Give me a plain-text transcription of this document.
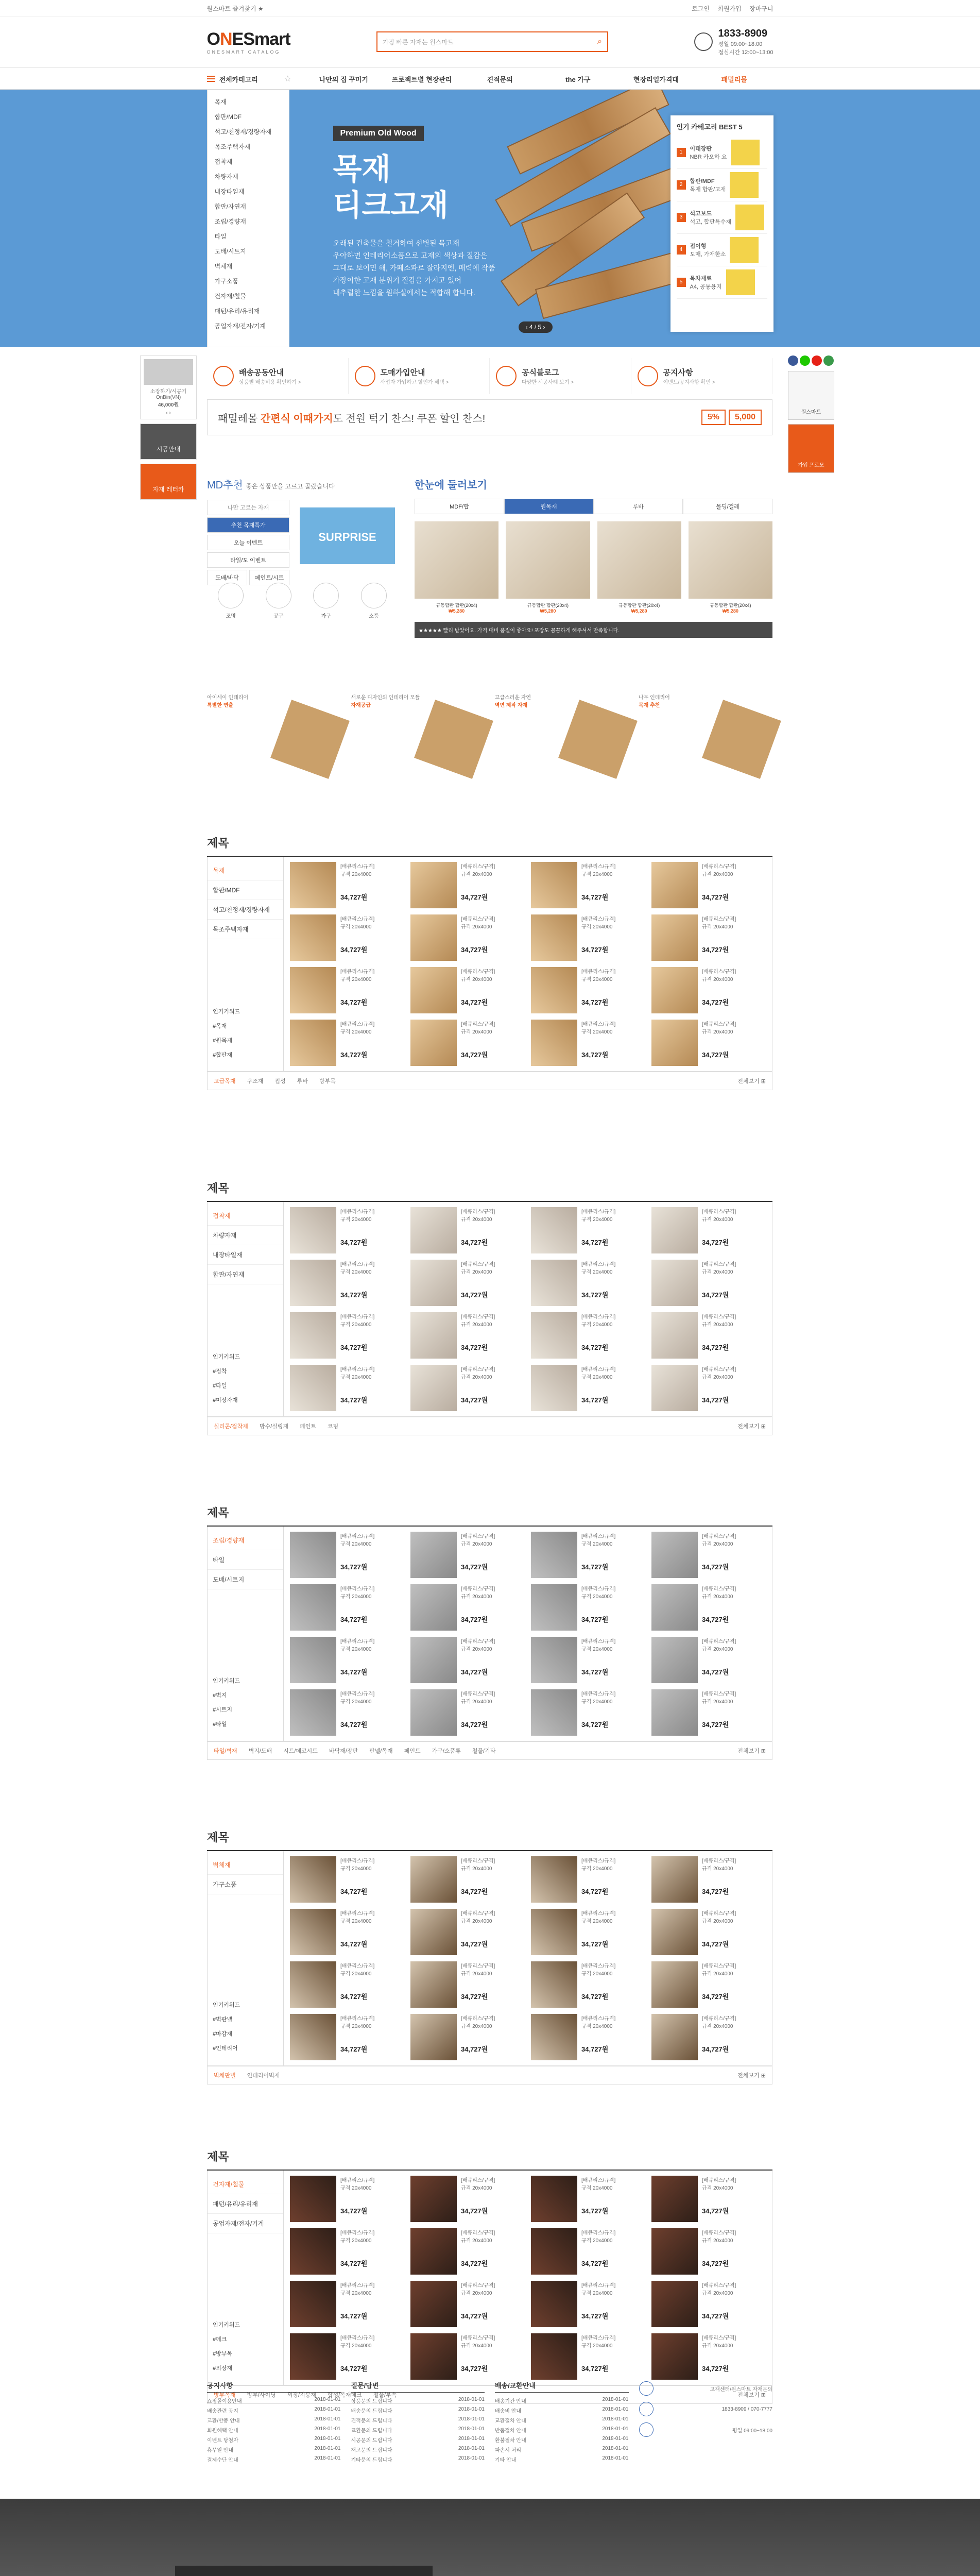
원스마트 즐겨찾기 ★	로그인 회원가입 장바구니
ONESmart
ONESMART CATALOG
가장 빠른 자재는 원스마트	⌕
1833-8909
평일 09:00~18:00
점심시간 12:00~13:00
전체카테고리	☆	나만의 집 꾸미기	프로젝트별 현장관리	견적문의	the 가구	현장리얼가격대	패밀리몰
목재
합판/MDF
석고/천정재/경량자재
목조주택자재
접착제
차량자재
내장타일재
합판/자연재
조립/경량재
타일
도배/시트지
벽체재
가구소품
건자재/철물
패턴/유리/유리재
공업자재/전자/기계
Premium Old Wood
목재
티크고재

오래된 건축물을 철거하여 선별된 목고재
우아하면 인테리어소품으로 고재의 색상과 질감은
그대로 보이면 해, 카페소파로 잘라지엔, 매력에 작품
가장이한 고재 분위기 질감을 가지고 있어
내추럴한 느낌을 원하실에서는 적합해 합니다.

‹ 4 / 5 ›
인기 카테고리 BEST 5
1
이태장판
NBR 카오하 요
2
합판/MDF
목재 합판/고재
3
석고보드
석고, 합판특수재
4
접이형
도매, 가재한소
5
목차재료
A4, 공통용지
소장하기/시공기
OnBin(VN)
46,000원
‹ ›
시공안내
자재 레터카
원스마트
가입 프로모
배송공동안내
상품별 배송비용 확인하기 >
도매가입안내
사업자 가입하고 할인가 혜택 >
공식블로그
다양한 시공사례 보기 >
공지사항
이벤트/공지사항 확인 >
패밀레몰 간편식 이때가지도 전원 턱기 찬스! 쿠폰 할인 찬스!	5%	5,000
MD추천 좋은 상품만을 고르고 골랐습니다
나만 고르는 자재
추천 목재특가
오늘 이벤트
타일/도 이벤트
도배/바닥	페인트/시트
SURPRISE
조명	공구	가구	소품
한눈에 둘러보기
MDF/합	원목재	루바	몰딩/걸레
규동합판 합판(20x4)
₩5,280
규동합판 합판(20x4)
₩5,280
규동합판 합판(20x4)
₩5,280
규동합판 합판(20x4)
₩5,280
★★★★★ 빨리 받았어요. 가격 대비 품질이 좋아요! 포장도 꼼꼼하게 해주셔서 만족합니다.
아이세이 인테리어
특별한 연출
새로운 디자인의 인테리어 모듈
자재공급
고급스러운 자연
벽면 제작 자재
나무 인테리어
목재 추천
제목
목재
합판/MDF
석고/천정재/경량자재
목조주택자재
인기키워드
#목재
#원목재
#합판재
[배큐리스/규격]
규격 20x4000
34,727원
[배큐리스/규격]
규격 20x4000
34,727원
[배큐리스/규격]
규격 20x4000
34,727원
[배큐리스/규격]
규격 20x4000
34,727원
[배큐리스/규격]
규격 20x4000
34,727원
[배큐리스/규격]
규격 20x4000
34,727원
[배큐리스/규격]
규격 20x4000
34,727원
[배큐리스/규격]
규격 20x4000
34,727원
[배큐리스/규격]
규격 20x4000
34,727원
[배큐리스/규격]
규격 20x4000
34,727원
[배큐리스/규격]
규격 20x4000
34,727원
[배큐리스/규격]
규격 20x4000
34,727원
[배큐리스/규격]
규격 20x4000
34,727원
[배큐리스/규격]
규격 20x4000
34,727원
[배큐리스/규격]
규격 20x4000
34,727원
[배큐리스/규격]
규격 20x4000
34,727원
고급목재 구조재 집성 루바 방부목	전체보기 ⊞
제목
접착제
차량자재
내장타일재
합판/자연재
인기키워드
#접착
#타일
#미장자재
[배큐리스/규격]
규격 20x4000
34,727원
[배큐리스/규격]
규격 20x4000
34,727원
[배큐리스/규격]
규격 20x4000
34,727원
[배큐리스/규격]
규격 20x4000
34,727원
[배큐리스/규격]
규격 20x4000
34,727원
[배큐리스/규격]
규격 20x4000
34,727원
[배큐리스/규격]
규격 20x4000
34,727원
[배큐리스/규격]
규격 20x4000
34,727원
[배큐리스/규격]
규격 20x4000
34,727원
[배큐리스/규격]
규격 20x4000
34,727원
[배큐리스/규격]
규격 20x4000
34,727원
[배큐리스/규격]
규격 20x4000
34,727원
[배큐리스/규격]
규격 20x4000
34,727원
[배큐리스/규격]
규격 20x4000
34,727원
[배큐리스/규격]
규격 20x4000
34,727원
[배큐리스/규격]
규격 20x4000
34,727원
실리콘/접착제 방수/실링재 페인트 코팅	전체보기 ⊞
제목
조립/경량재
타일
도배/시트지
인기키워드
#벽지
#시트지
#타일
[배큐리스/규격]
규격 20x4000
34,727원
[배큐리스/규격]
규격 20x4000
34,727원
[배큐리스/규격]
규격 20x4000
34,727원
[배큐리스/규격]
규격 20x4000
34,727원
[배큐리스/규격]
규격 20x4000
34,727원
[배큐리스/규격]
규격 20x4000
34,727원
[배큐리스/규격]
규격 20x4000
34,727원
[배큐리스/규격]
규격 20x4000
34,727원
[배큐리스/규격]
규격 20x4000
34,727원
[배큐리스/규격]
규격 20x4000
34,727원
[배큐리스/규격]
규격 20x4000
34,727원
[배큐리스/규격]
규격 20x4000
34,727원
[배큐리스/규격]
규격 20x4000
34,727원
[배큐리스/규격]
규격 20x4000
34,727원
[배큐리스/규격]
규격 20x4000
34,727원
[배큐리스/규격]
규격 20x4000
34,727원
타일/벽재 벽지/도배 시트/데코시트 바닥재/장판 판넬/목재 페인트 가구/소품류 철물/기타	전체보기 ⊞
제목
벽체재
가구소품
인기키워드
#벽판넬
#마감재
#인테리어
[배큐리스/규격]
규격 20x4000
34,727원
[배큐리스/규격]
규격 20x4000
34,727원
[배큐리스/규격]
규격 20x4000
34,727원
[배큐리스/규격]
규격 20x4000
34,727원
[배큐리스/규격]
규격 20x4000
34,727원
[배큐리스/규격]
규격 20x4000
34,727원
[배큐리스/규격]
규격 20x4000
34,727원
[배큐리스/규격]
규격 20x4000
34,727원
[배큐리스/규격]
규격 20x4000
34,727원
[배큐리스/규격]
규격 20x4000
34,727원
[배큐리스/규격]
규격 20x4000
34,727원
[배큐리스/규격]
규격 20x4000
34,727원
[배큐리스/규격]
규격 20x4000
34,727원
[배큐리스/규격]
규격 20x4000
34,727원
[배큐리스/규격]
규격 20x4000
34,727원
[배큐리스/규격]
규격 20x4000
34,727원
벽체판넬 인테리어벽재	전체보기 ⊞
제목
건자재/철물
패턴/유리/유리재
공업자재/전자/기계
인기키워드
#데크
#방부목
#외장재
[배큐리스/규격]
규격 20x4000
34,727원
[배큐리스/규격]
규격 20x4000
34,727원
[배큐리스/규격]
규격 20x4000
34,727원
[배큐리스/규격]
규격 20x4000
34,727원
[배큐리스/규격]
규격 20x4000
34,727원
[배큐리스/규격]
규격 20x4000
34,727원
[배큐리스/규격]
규격 20x4000
34,727원
[배큐리스/규격]
규격 20x4000
34,727원
[배큐리스/규격]
규격 20x4000
34,727원
[배큐리스/규격]
규격 20x4000
34,727원
[배큐리스/규격]
규격 20x4000
34,727원
[배큐리스/규격]
규격 20x4000
34,727원
[배큐리스/규격]
규격 20x4000
34,727원
[배큐리스/규격]
규격 20x4000
34,727원
[배큐리스/규격]
규격 20x4000
34,727원
[배큐리스/규격]
규격 20x4000
34,727원
방부목재 방부/사이딩 외장/지붕재 합성/목재데크 철물/부속	전체보기 ⊞
공지사항
쇼핑몰이용안내	2018-01-01
배송관련 공지	2018-01-01
교환/반품 안내	2018-01-01
회원혜택 안내	2018-01-01
이벤트 당첨자	2018-01-01
휴무일 안내	2018-01-01
결제수단 안내	2018-01-01
질문/답변
상품문의 드립니다	2018-01-01
배송문의 드립니다	2018-01-01
견적문의 드립니다	2018-01-01
교환문의 드립니다	2018-01-01
시공문의 드립니다	2018-01-01
재고문의 드립니다	2018-01-01
기타문의 드립니다	2018-01-01
배송/교환안내
배송기간 안내	2018-01-01
배송비 안내	2018-01-01
교환절차 안내	2018-01-01
반품절차 안내	2018-01-01
환불절차 안내	2018-01-01
파손시 처리	2018-01-01
기타 안내	2018-01-01
고객센터/원스마트 자재문의
1833-8909 / 070-7777
평일 09:00~18:00
